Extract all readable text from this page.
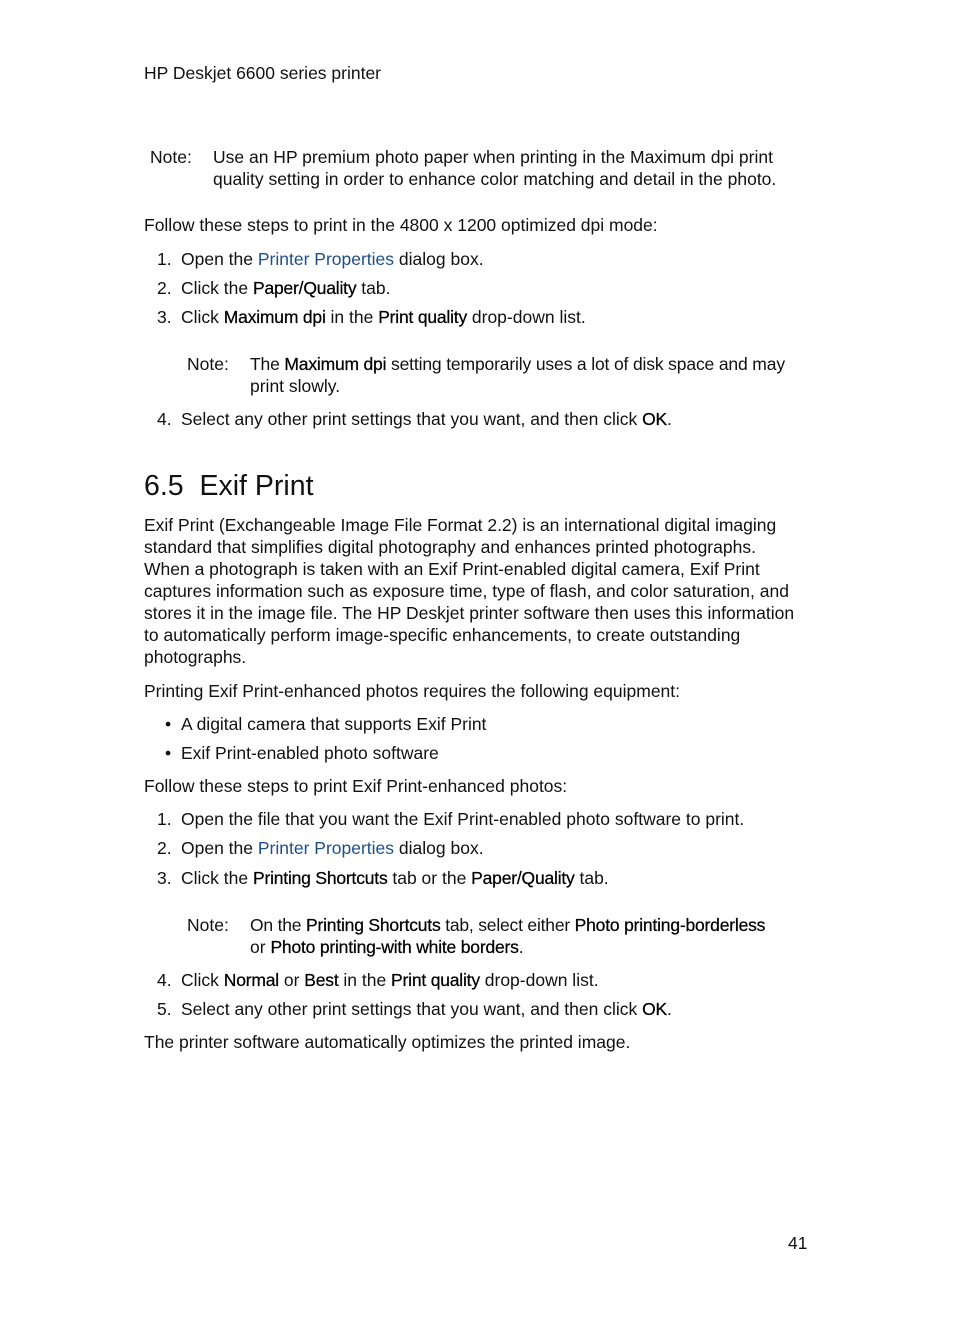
HP Deskjet 6600 series printer
Note: Use an HP premium photo paper when printing in the Maximum dpi print
quality setting in order to enhance color matching and detail in the photo.
Follow these steps to print in the 4800 x 1200 optimized dpi mode:
1. Open the Printer Properties dialog box.
2. Click the Paper/Quality tab.
3. Click Maximum dpi in the Print quality drop-down list.
Note: The Maximum dpi setting temporarily uses a lot of disk space and may
print slowly.
4. Select any other print settings that you want, and then click OK.
6.5 Exif Print
Exif Print (Exchangeable Image File Format 2.2) is an international digital imaging
standard that simplifies digital photography and enhances printed photographs.
When a photograph is taken with an Exif Print-enabled digital camera, Exif Print
captures information such as exposure time, type of flash, and color saturation, and
stores it in the image file. The HP Deskjet printer software then uses this information
to automatically perform image-specific enhancements, to create outstanding
photographs.
Printing Exif Print-enhanced photos requires the following equipment:
• A digital camera that supports Exif Print
• Exif Print-enabled photo software
Follow these steps to print Exif Print-enhanced photos:
1. Open the file that you want the Exif Print-enabled photo software to print.
2. Open the Printer Properties dialog box.
3. Click the Printing Shortcuts tab or the Paper/Quality tab.
Note: On the Printing Shortcuts tab, select either Photo printing-borderless
or Photo printing-with white borders.
4. Click Normal or Best in the Print quality drop-down list.
5. Select any other print settings that you want, and then click OK.
The printer software automatically optimizes the printed image.
41
